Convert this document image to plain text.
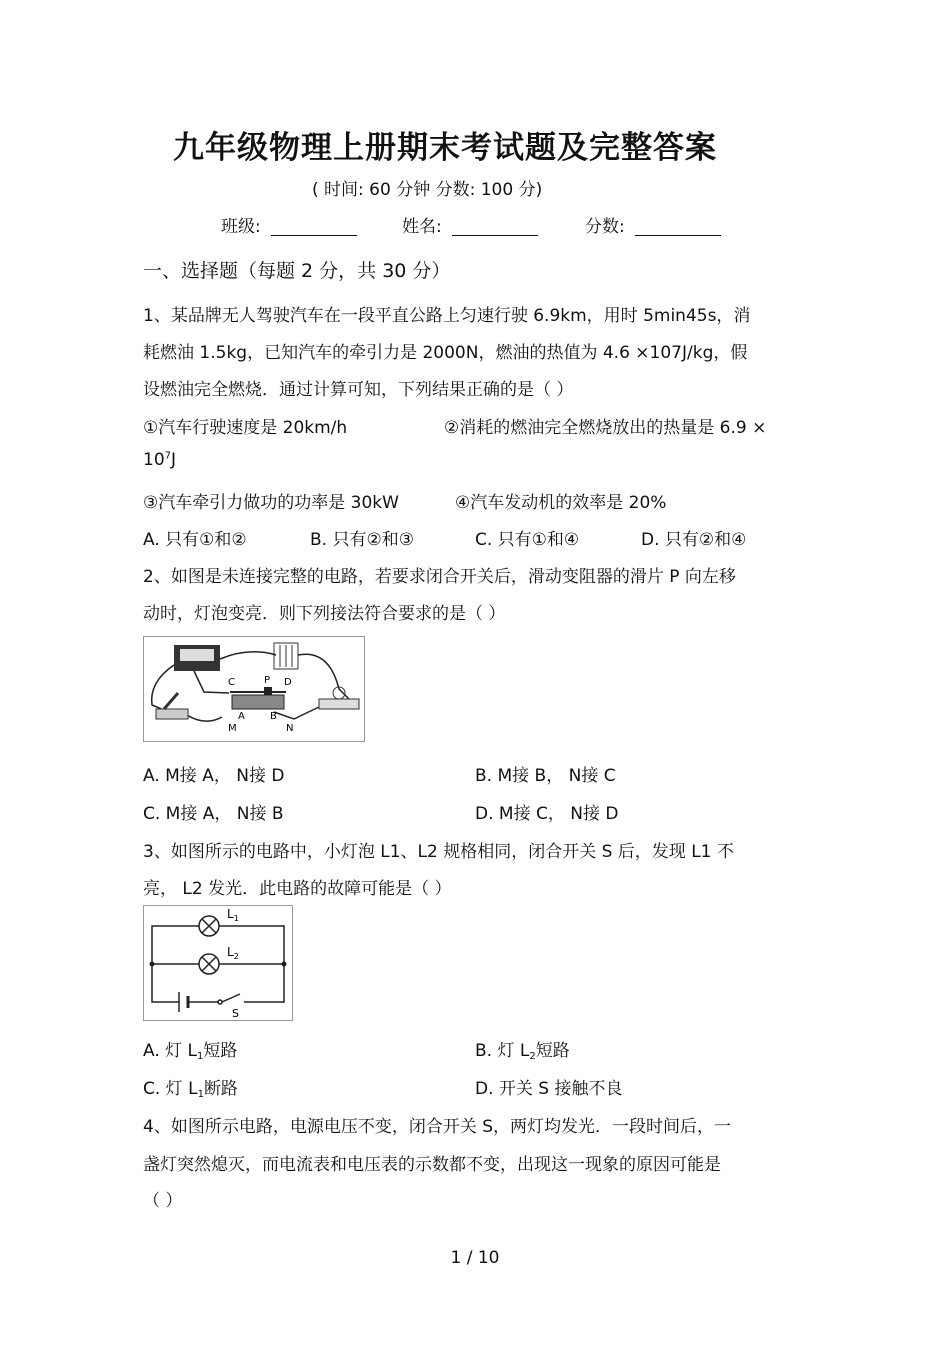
九年级物理上册期末考试题及完整答案
( 时间: 60 分钟 分数: 100 分)
班级:	姓名:	分数:
一、选择题（每题 2 分，共 30 分）
1、某品牌无人驾驶汽车在一段平直公路上匀速行驶 6.9km，用时 5min45s，消
耗燃油 1.5kg，已知汽车的牵引力是 2000N，燃油的热值为 4.6 ×107J/kg，假
设燃油完全燃烧．通过计算可知，下列结果正确的是（ ）
①汽车行驶速度是 20km/h	②消耗的燃油完全燃烧放出的热量是 6.9 ×
$10^7J$
③汽车牵引力做功的功率是 30kW	④汽车发动机的效率是 20%
A. 只有①和②	B. 只有②和③	C. 只有①和④	D. 只有②和④
2、如图是未连接完整的电路，若要求闭合开关后，滑动变阻器的滑片 P 向左移
动时，灯泡变亮．则下列接法符合要求的是（ ）
C	P D
A	B
M	N
A. M接 A， N接 D	B. M接 B， N接 C
C. M接 A， N接 B	D. M接 C， N接 D
3、如图所示的电路中，小灯泡 L1、L2 规格相同，闭合开关 S 后，发现 L1 不
亮， L2 发光．此电路的故障可能是（ ）
$L_1$
$L_2$
S
A. 灯 L1短路	B. 灯 L2短路
C. 灯 L1断路	D. 开关 S 接触不良
4、如图所示电路，电源电压不变，闭合开关 S，两灯均发光．一段时间后，一
盏灯突然熄灭，而电流表和电压表的示数都不变，出现这一现象的原因可能是
（ ）
1 / 10
